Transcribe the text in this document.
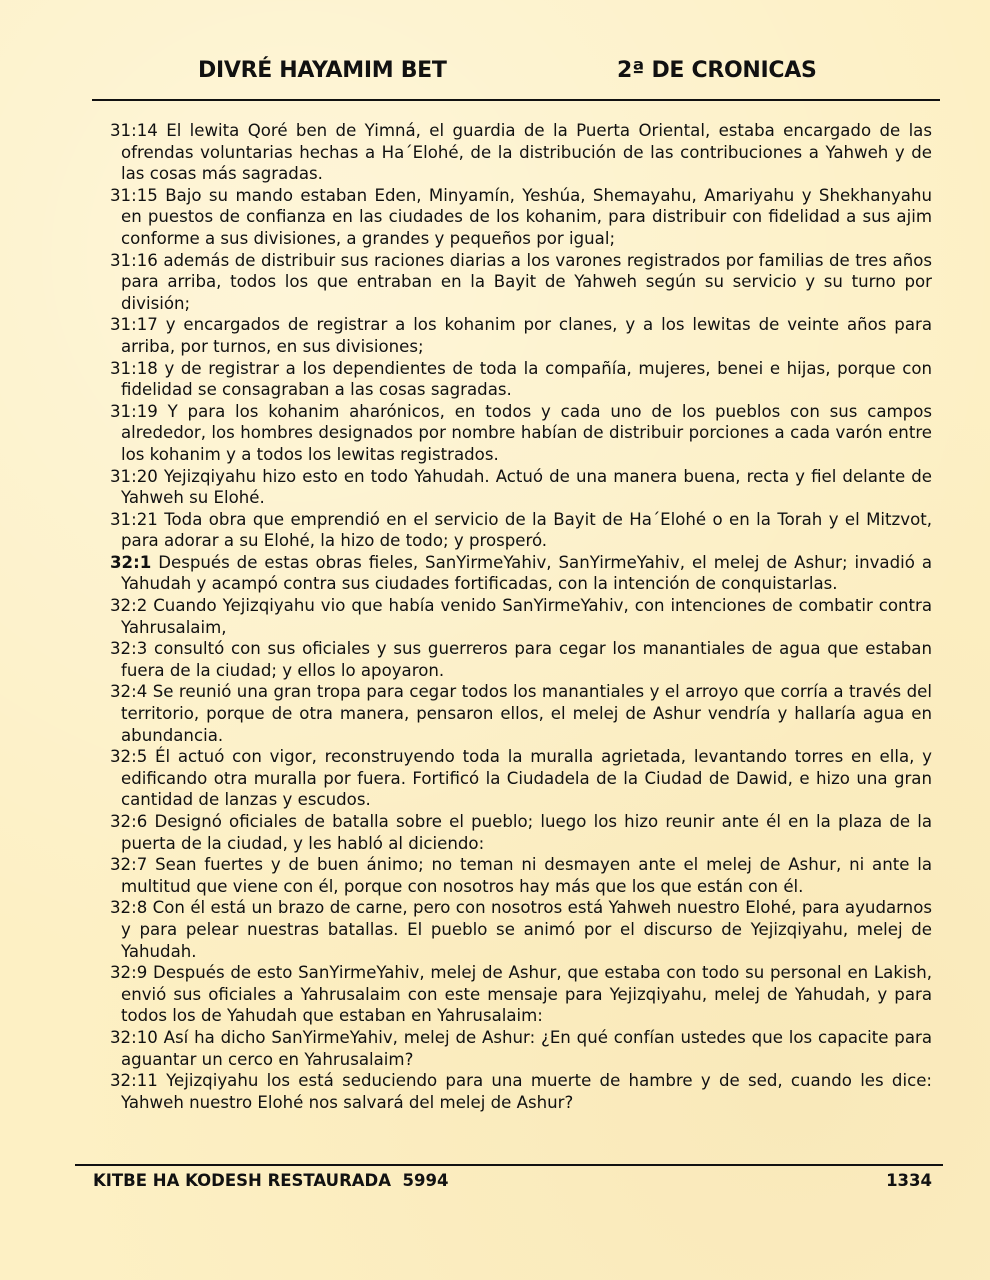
DIVRÉ HAYAMIM BET	2ª DE CRONICAS

31:14 El lewita Qoré ben de Yimná, el guardia de la Puerta Oriental, estaba encargado de las ofrendas voluntarias hechas a Ha´Elohé, de la distribución de las contribuciones a Yahweh y de las cosas más sagradas.

31:15 Bajo su mando estaban Eden, Minyamín, Yeshúa, Shemayahu, Amariyahu y Shekhanyahu en puestos de confianza en las ciudades de los kohanim, para distribuir con fidelidad a sus ajim conforme a sus divisiones, a grandes y pequeños por igual;

31:16 además de distribuir sus raciones diarias a los varones registrados por familias de tres años para arriba, todos los que entraban en la Bayit de Yahweh según su servicio y su turno por división;

31:17 y encargados de registrar a los kohanim por clanes, y a los lewitas de veinte años para arriba, por turnos, en sus divisiones;

31:18 y de registrar a los dependientes de toda la compañía, mujeres, benei e hijas, porque con fidelidad se consagraban a las cosas sagradas.

31:19 Y para los kohanim aharónicos, en todos y cada uno de los pueblos con sus campos alrededor, los hombres designados por nombre habían de distribuir porciones a cada varón entre los kohanim y a todos los lewitas registrados.

31:20 Yejizqiyahu hizo esto en todo Yahudah. Actuó de una manera buena, recta y fiel delante de Yahweh su Elohé.

31:21 Toda obra que emprendió en el servicio de la Bayit de Ha´Elohé o en la Torah y el Mitzvot, para adorar a su Elohé, la hizo de todo; y prosperó.

32:1 Después de estas obras fieles, SanYirmeYahiv, SanYirmeYahiv, el melej de Ashur; invadió a Yahudah y acampó contra sus ciudades fortificadas, con la intención de conquistarlas.

32:2 Cuando Yejizqiyahu vio que había venido SanYirmeYahiv, con intenciones de combatir contra Yahrusalaim,

32:3 consultó con sus oficiales y sus guerreros para cegar los manantiales de agua que estaban fuera de la ciudad; y ellos lo apoyaron.

32:4 Se reunió una gran tropa para cegar todos los manantiales y el arroyo que corría a través del territorio, porque de otra manera, pensaron ellos, el melej de Ashur vendría y hallaría agua en abundancia.

32:5 Él actuó con vigor, reconstruyendo toda la muralla agrietada, levantando torres en ella, y edificando otra muralla por fuera. Fortificó la Ciudadela de la Ciudad de Dawid, e hizo una gran cantidad de lanzas y escudos.

32:6 Designó oficiales de batalla sobre el pueblo; luego los hizo reunir ante él en la plaza de la puerta de la ciudad, y les habló al diciendo:

32:7 Sean fuertes y de buen ánimo; no teman ni desmayen ante el melej de Ashur, ni ante la multitud que viene con él, porque con nosotros hay más que los que están con él.

32:8 Con él está un brazo de carne, pero con nosotros está Yahweh nuestro Elohé, para ayudarnos y para pelear nuestras batallas. El pueblo se animó por el discurso de Yejizqiyahu, melej de Yahudah.

32:9 Después de esto SanYirmeYahiv, melej de Ashur, que estaba con todo su personal en Lakish, envió sus oficiales a Yahrusalaim con este mensaje para Yejizqiyahu, melej de Yahudah, y para todos los de Yahudah que estaban en Yahrusalaim:

32:10 Así ha dicho SanYirmeYahiv, melej de Ashur: ¿En qué confían ustedes que los capacite para aguantar un cerco en Yahrusalaim?

32:11 Yejizqiyahu los está seduciendo para una muerte de hambre y de sed, cuando les dice: Yahweh nuestro Elohé nos salvará del melej de Ashur?

KITBE HA KODESH RESTAURADA  5994	1334
